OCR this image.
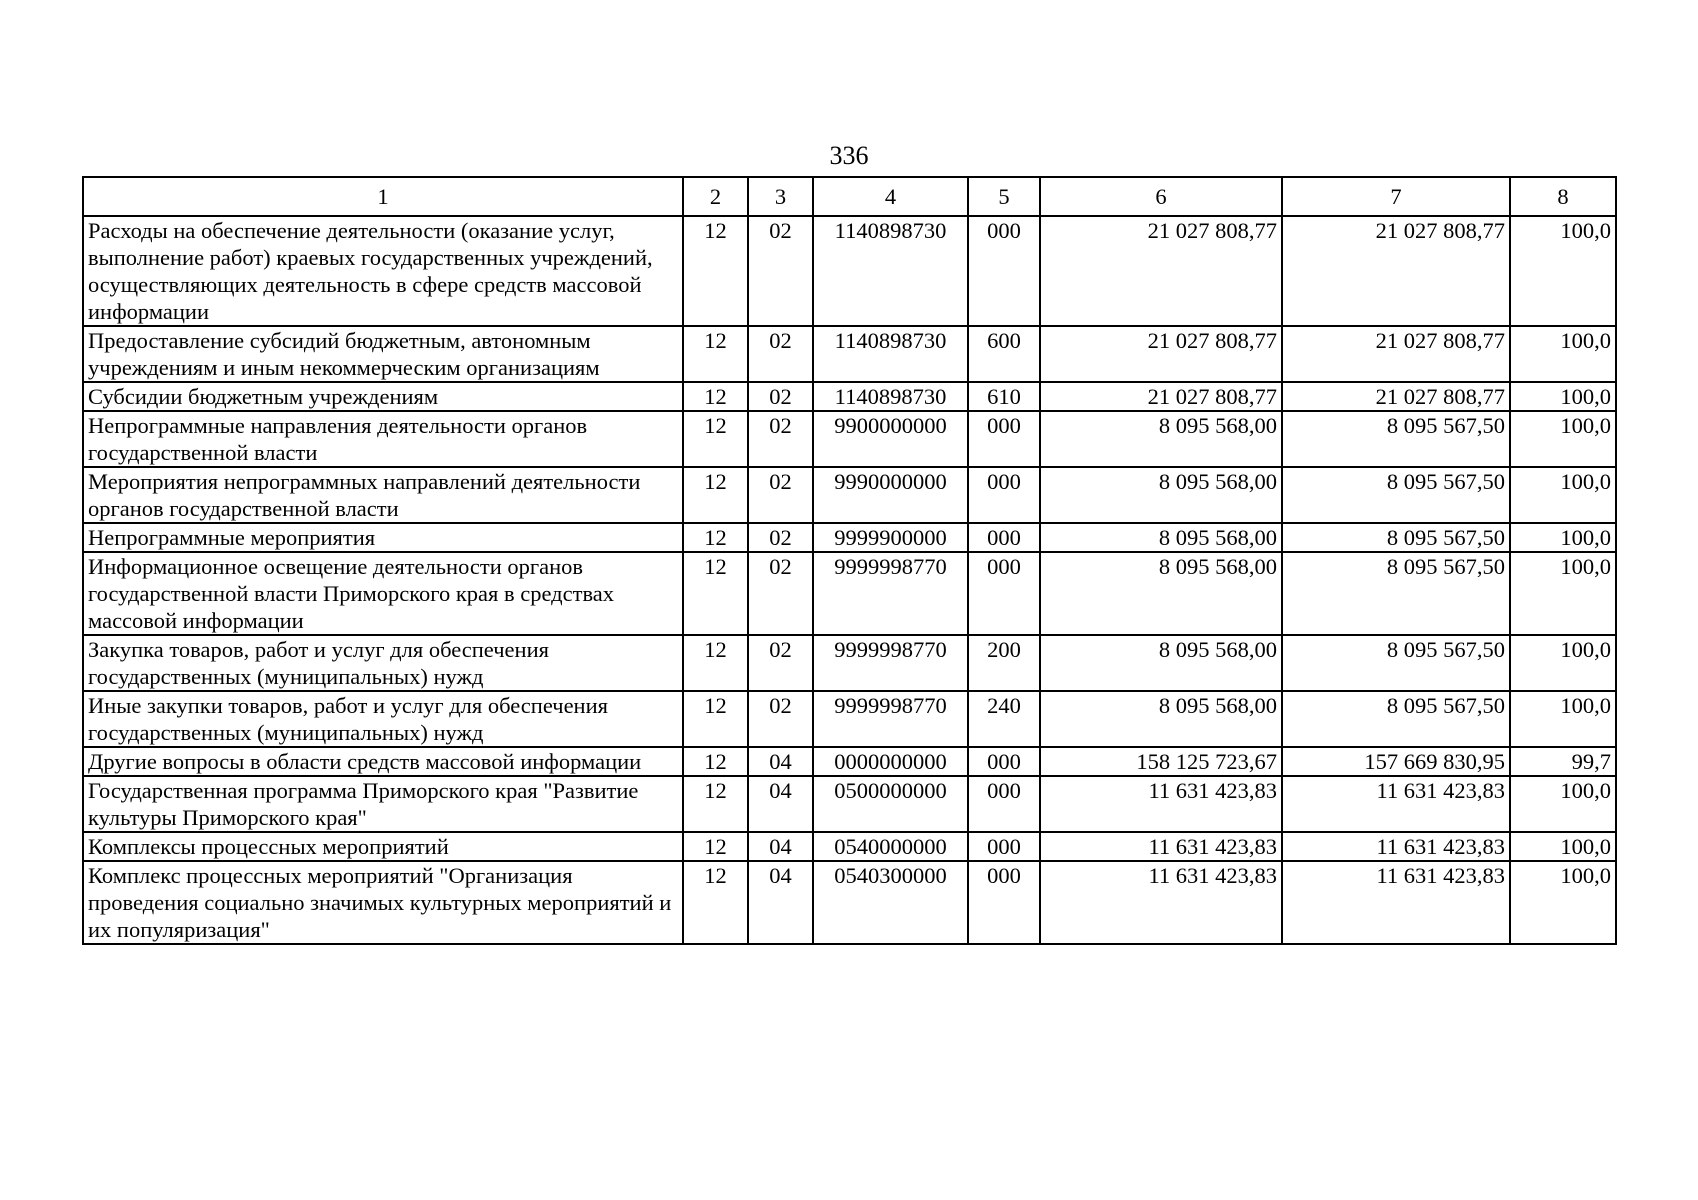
336
1	2	3	4	5	6	7	8
Расходы на обеспечение деятельности (оказание услуг, выполнение работ) краевых государственных учреждений, осуществляющих деятельность в сфере средств массовой информации	12	02	1140898730	000	21 027 808,77	21 027 808,77	100,0
Предоставление субсидий бюджетным, автономным учреждениям и иным некоммерческим организациям	12	02	1140898730	600	21 027 808,77	21 027 808,77	100,0
Субсидии бюджетным учреждениям	12	02	1140898730	610	21 027 808,77	21 027 808,77	100,0
Непрограммные направления деятельности органов государственной власти	12	02	9900000000	000	8 095 568,00	8 095 567,50	100,0
Мероприятия непрограммных направлений деятельности органов государственной власти	12	02	9990000000	000	8 095 568,00	8 095 567,50	100,0
Непрограммные мероприятия	12	02	9999900000	000	8 095 568,00	8 095 567,50	100,0
Информационное освещение деятельности органов государственной власти Приморского края в средствах массовой информации	12	02	9999998770	000	8 095 568,00	8 095 567,50	100,0
Закупка товаров, работ и услуг для обеспечения государственных (муниципальных) нужд	12	02	9999998770	200	8 095 568,00	8 095 567,50	100,0
Иные закупки товаров, работ и услуг для обеспечения государственных (муниципальных) нужд	12	02	9999998770	240	8 095 568,00	8 095 567,50	100,0
Другие вопросы в области средств массовой информации	12	04	0000000000	000	158 125 723,67	157 669 830,95	99,7
Государственная программа Приморского края "Развитие культуры Приморского края"	12	04	0500000000	000	11 631 423,83	11 631 423,83	100,0
Комплексы процессных мероприятий	12	04	0540000000	000	11 631 423,83	11 631 423,83	100,0
Комплекс процессных мероприятий "Организация проведения социально значимых культурных мероприятий и их популяризация"	12	04	0540300000	000	11 631 423,83	11 631 423,83	100,0
